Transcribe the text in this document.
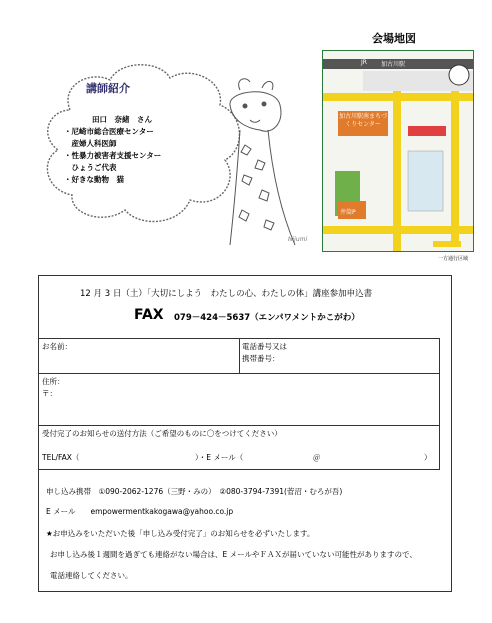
講師紹介
田口　奈緒　さん
・尼崎市総合医療センター
　産婦人科医師
・性暴力被害者支援センター
　ひょうご代表
・好きな動物　猫
Nijumi
会場地図
JR 加古川駅
加古川駅南まちづくりセンター
井筒P
一方通行区域
12 月 3 日（土）「大切にしよう　わたしの心、わたしの体」講座参加申込書
FAX 079－424－5637（エンパワメントかこがわ）
お名前：	電話番号又は
携帯番号：
住所：
〒：
受付完了のお知らせの送付方法（ご希望のものに〇をつけてください）
TEL/FAX（	）・E メール（	＠	）
申し込み携帯　①090‐2062‐1276（三野・みの）　②080‐3794‐7391(菅沼・むろが吾)
E メール　　empowermentkakogawa@yahoo.co.jp
★お申込みをいただいた後「申し込み受付完了」のお知らせを必ずいたします。
お申し込み後１週間を過ぎても連絡がない場合は、E メールやＦＡＸが届いていない可能性がありますので、
電話連絡してください。
